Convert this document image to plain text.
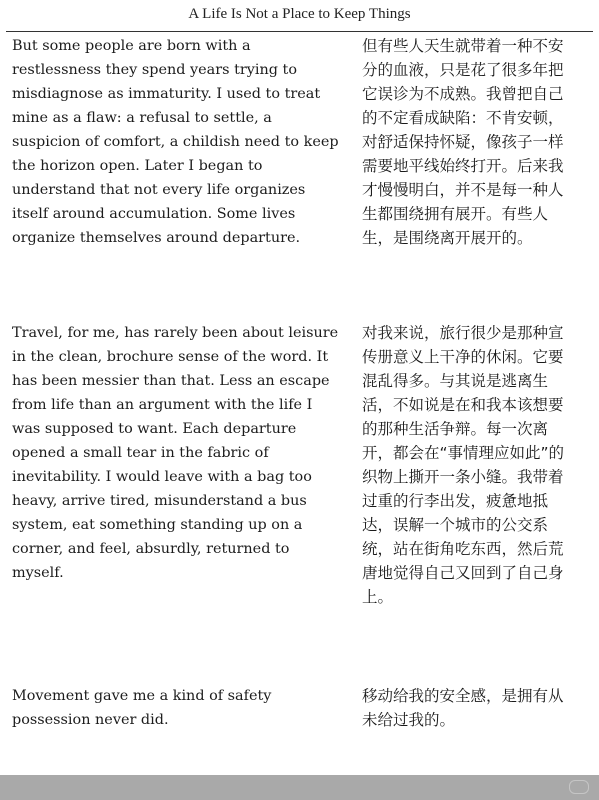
A Life Is Not a Place to Keep Things
But some people are born with a
restlessness they spend years trying to
misdiagnose as immaturity. I used to treat
mine as a flaw: a refusal to settle, a
suspicion of comfort, a childish need to keep
the horizon open. Later I began to
understand that not every life organizes
itself around accumulation. Some lives
organize themselves around departure.
但有些人天生就带着一种不安
分的血液，只是花了很多年把
它误诊为不成熟。我曾把自己
的不定看成缺陷：不肯安顿，
对舒适保持怀疑，像孩子一样
需要地平线始终打开。后来我
才慢慢明白，并不是每一种人
生都围绕拥有展开。有些人
生，是围绕离开展开的。
Travel, for me, has rarely been about leisure
in the clean, brochure sense of the word. It
has been messier than that. Less an escape
from life than an argument with the life I
was supposed to want. Each departure
opened a small tear in the fabric of
inevitability. I would leave with a bag too
heavy, arrive tired, misunderstand a bus
system, eat something standing up on a
corner, and feel, absurdly, returned to
myself.
对我来说，旅行很少是那种宣
传册意义上干净的休闲。它要
混乱得多。与其说是逃离生
活，不如说是在和我本该想要
的那种生活争辩。每一次离
开，都会在“事情理应如此”的
织物上撕开一条小缝。我带着
过重的行李出发，疲惫地抵
达，误解一个城市的公交系
统，站在街角吃东西，然后荒
唐地觉得自己又回到了自己身
上。
Movement gave me a kind of safety
possession never did.
移动给我的安全感，是拥有从
未给过我的。
